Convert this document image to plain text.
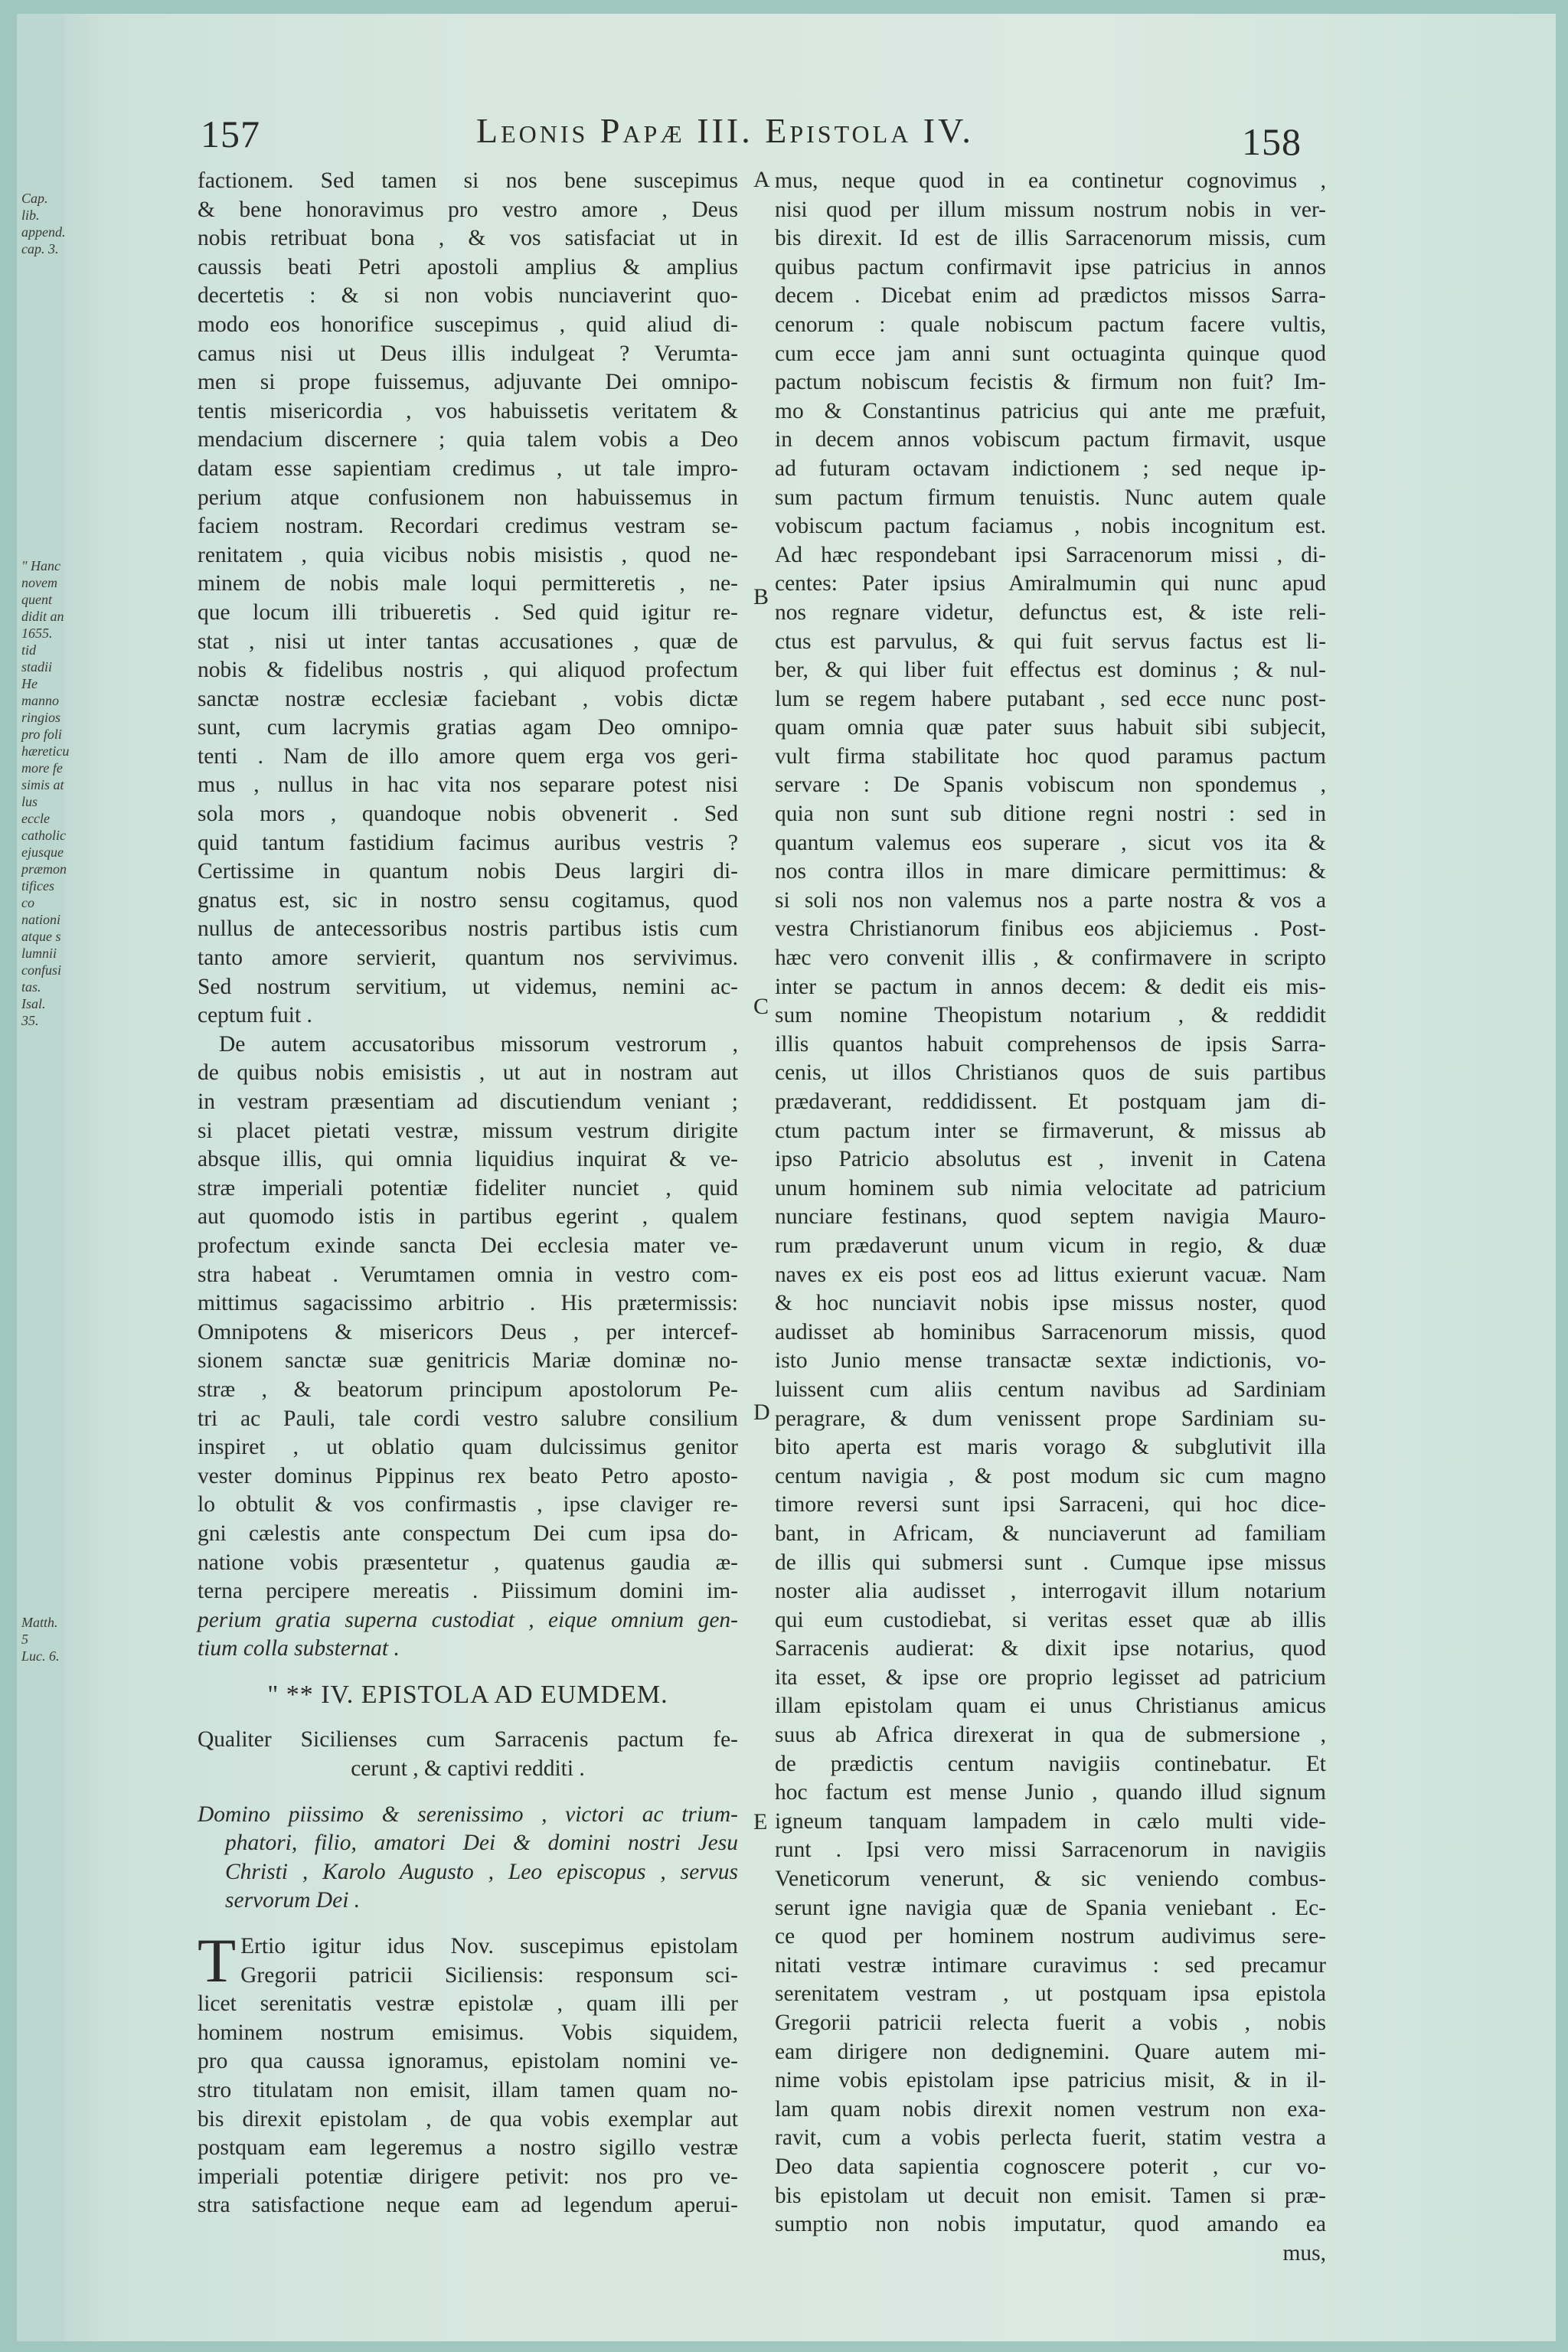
Cap. lib.
append.
cap. 3.
" Hanc
novem
quent
didit an
1655. tid
stadii He
manno
ringios
pro foli
hæreticu
more fe
simis at
lus eccle
catholic
ejusque
præmon
tifices co
nationi
atque s
lumnii
confusi
tas.
Isal. 35.
Matth. 5
Luc. 6.
157	Leonis Papæ III. Epistola IV.	158
A
B
C
D
E
factionem. Sed tamen si nos bene suscepimus
& bene honoravimus pro vestro amore , Deus
nobis retribuat bona , & vos satisfaciat ut in
caussis beati Petri apostoli amplius & amplius
decertetis : & si non vobis nunciaverint quo-
modo eos honorifice suscepimus , quid aliud di-
camus nisi ut Deus illis indulgeat ? Verumta-
men si prope fuissemus, adjuvante Dei omnipo-
tentis misericordia , vos habuissetis veritatem &
mendacium discernere ; quia talem vobis a Deo
datam esse sapientiam credimus , ut tale impro-
perium atque confusionem non habuissemus in
faciem nostram. Recordari credimus vestram se-
renitatem , quia vicibus nobis misistis , quod ne-
minem de nobis male loqui permitteretis , ne-
que locum illi tribueretis . Sed quid igitur re-
stat , nisi ut inter tantas accusationes , quæ de
nobis & fidelibus nostris , qui aliquod profectum
sanctæ nostræ ecclesiæ faciebant , vobis dictæ
sunt, cum lacrymis gratias agam Deo omnipo-
tenti . Nam de illo amore quem erga vos geri-
mus , nullus in hac vita nos separare potest nisi
sola mors , quandoque nobis obvenerit . Sed
quid tantum fastidium facimus auribus vestris ?
Certissime in quantum nobis Deus largiri di-
gnatus est, sic in nostro sensu cogitamus, quod
nullus de antecessoribus nostris partibus istis cum
tanto amore servierit, quantum nos servivimus.
Sed nostrum servitium, ut videmus, nemini ac-
ceptum fuit .
De autem accusatoribus missorum vestrorum ,
de quibus nobis emisistis , ut aut in nostram aut
in vestram præsentiam ad discutiendum veniant ;
si placet pietati vestræ, missum vestrum dirigite
absque illis, qui omnia liquidius inquirat & ve-
stræ imperiali potentiæ fideliter nunciet , quid
aut quomodo istis in partibus egerint , qualem
profectum exinde sancta Dei ecclesia mater ve-
stra habeat . Verumtamen omnia in vestro com-
mittimus sagacissimo arbitrio . His prætermissis:
Omnipotens & misericors Deus , per intercef-
sionem sanctæ suæ genitricis Mariæ dominæ no-
stræ , & beatorum principum apostolorum Pe-
tri ac Pauli, tale cordi vestro salubre consilium
inspiret , ut oblatio quam dulcissimus genitor
vester dominus Pippinus rex beato Petro aposto-
lo obtulit & vos confirmastis , ipse claviger re-
gni cælestis ante conspectum Dei cum ipsa do-
natione vobis præsentetur , quatenus gaudia æ-
terna percipere mereatis . Piissimum domini im-
perium gratia superna custodiat , eique omnium gen-
tium colla substernat .
" ** IV. EPISTOLA AD EUMDEM.
Qualiter Sicilienses cum Sarracenis pactum fe-
cerunt , & captivi redditi .
Domino piissimo & serenissimo , victori ac trium-
phatori, filio, amatori Dei & domini nostri Jesu
Christi , Karolo Augusto , Leo episcopus , servus
servorum Dei .
T Ertio igitur idus Nov. suscepimus epistolam
Gregorii patricii Siciliensis: responsum sci-
licet serenitatis vestræ epistolæ , quam illi per
hominem nostrum emisimus. Vobis siquidem,
pro qua caussa ignoramus, epistolam nomini ve-
stro titulatam non emisit, illam tamen quam no-
bis direxit epistolam , de qua vobis exemplar aut
postquam eam legeremus a nostro sigillo vestræ
imperiali potentiæ dirigere petivit: nos pro ve-
stra satisfactione neque eam ad legendum aperui-
mus, neque quod in ea continetur cognovimus ,
nisi quod per illum missum nostrum nobis in ver-
bis direxit. Id est de illis Sarracenorum missis, cum
quibus pactum confirmavit ipse patricius in annos
decem . Dicebat enim ad prædictos missos Sarra-
cenorum : quale nobiscum pactum facere vultis,
cum ecce jam anni sunt octuaginta quinque quod
pactum nobiscum fecistis & firmum non fuit? Im-
mo & Constantinus patricius qui ante me præfuit,
in decem annos vobiscum pactum firmavit, usque
ad futuram octavam indictionem ; sed neque ip-
sum pactum firmum tenuistis. Nunc autem quale
vobiscum pactum faciamus , nobis incognitum est.
Ad hæc respondebant ipsi Sarracenorum missi , di-
centes: Pater ipsius Amiralmumin qui nunc apud
nos regnare videtur, defunctus est, & iste reli-
ctus est parvulus, & qui fuit servus factus est li-
ber, & qui liber fuit effectus est dominus ; & nul-
lum se regem habere putabant , sed ecce nunc post-
quam omnia quæ pater suus habuit sibi subjecit,
vult firma stabilitate hoc quod paramus pactum
servare : De Spanis vobiscum non spondemus ,
quia non sunt sub ditione regni nostri : sed in
quantum valemus eos superare , sicut vos ita &
nos contra illos in mare dimicare permittimus: &
si soli nos non valemus nos a parte nostra & vos a
vestra Christianorum finibus eos abjiciemus . Post-
hæc vero convenit illis , & confirmavere in scripto
inter se pactum in annos decem: & dedit eis mis-
sum nomine Theopistum notarium , & reddidit
illis quantos habuit comprehensos de ipsis Sarra-
cenis, ut illos Christianos quos de suis partibus
prædaverant, reddidissent. Et postquam jam di-
ctum pactum inter se firmaverunt, & missus ab
ipso Patricio absolutus est , invenit in Catena
unum hominem sub nimia velocitate ad patricium
nunciare festinans, quod septem navigia Mauro-
rum prædaverunt unum vicum in regio, & duæ
naves ex eis post eos ad littus exierunt vacuæ. Nam
& hoc nunciavit nobis ipse missus noster, quod
audisset ab hominibus Sarracenorum missis, quod
isto Junio mense transactæ sextæ indictionis, vo-
luissent cum aliis centum navibus ad Sardiniam
peragrare, & dum venissent prope Sardiniam su-
bito aperta est maris vorago & subglutivit illa
centum navigia , & post modum sic cum magno
timore reversi sunt ipsi Sarraceni, qui hoc dice-
bant, in Africam, & nunciaverunt ad familiam
de illis qui submersi sunt . Cumque ipse missus
noster alia audisset , interrogavit illum notarium
qui eum custodiebat, si veritas esset quæ ab illis
Sarracenis audierat: & dixit ipse notarius, quod
ita esset, & ipse ore proprio legisset ad patricium
illam epistolam quam ei unus Christianus amicus
suus ab Africa direxerat in qua de submersione ,
de prædictis centum navigiis continebatur. Et
hoc factum est mense Junio , quando illud signum
igneum tanquam lampadem in cælo multi vide-
runt . Ipsi vero missi Sarracenorum in navigiis
Veneticorum venerunt, & sic veniendo combus-
serunt igne navigia quæ de Spania veniebant . Ec-
ce quod per hominem nostrum audivimus sere-
nitati vestræ intimare curavimus : sed precamur
serenitatem vestram , ut postquam ipsa epistola
Gregorii patricii relecta fuerit a vobis , nobis
eam dirigere non dedignemini. Quare autem mi-
nime vobis epistolam ipse patricius misit, & in il-
lam quam nobis direxit nomen vestrum non exa-
ravit, cum a vobis perlecta fuerit, statim vestra a
Deo data sapientia cognoscere poterit , cur vo-
bis epistolam ut decuit non emisit. Tamen si præ-
sumptio non nobis imputatur, quod amando ea
mus,
